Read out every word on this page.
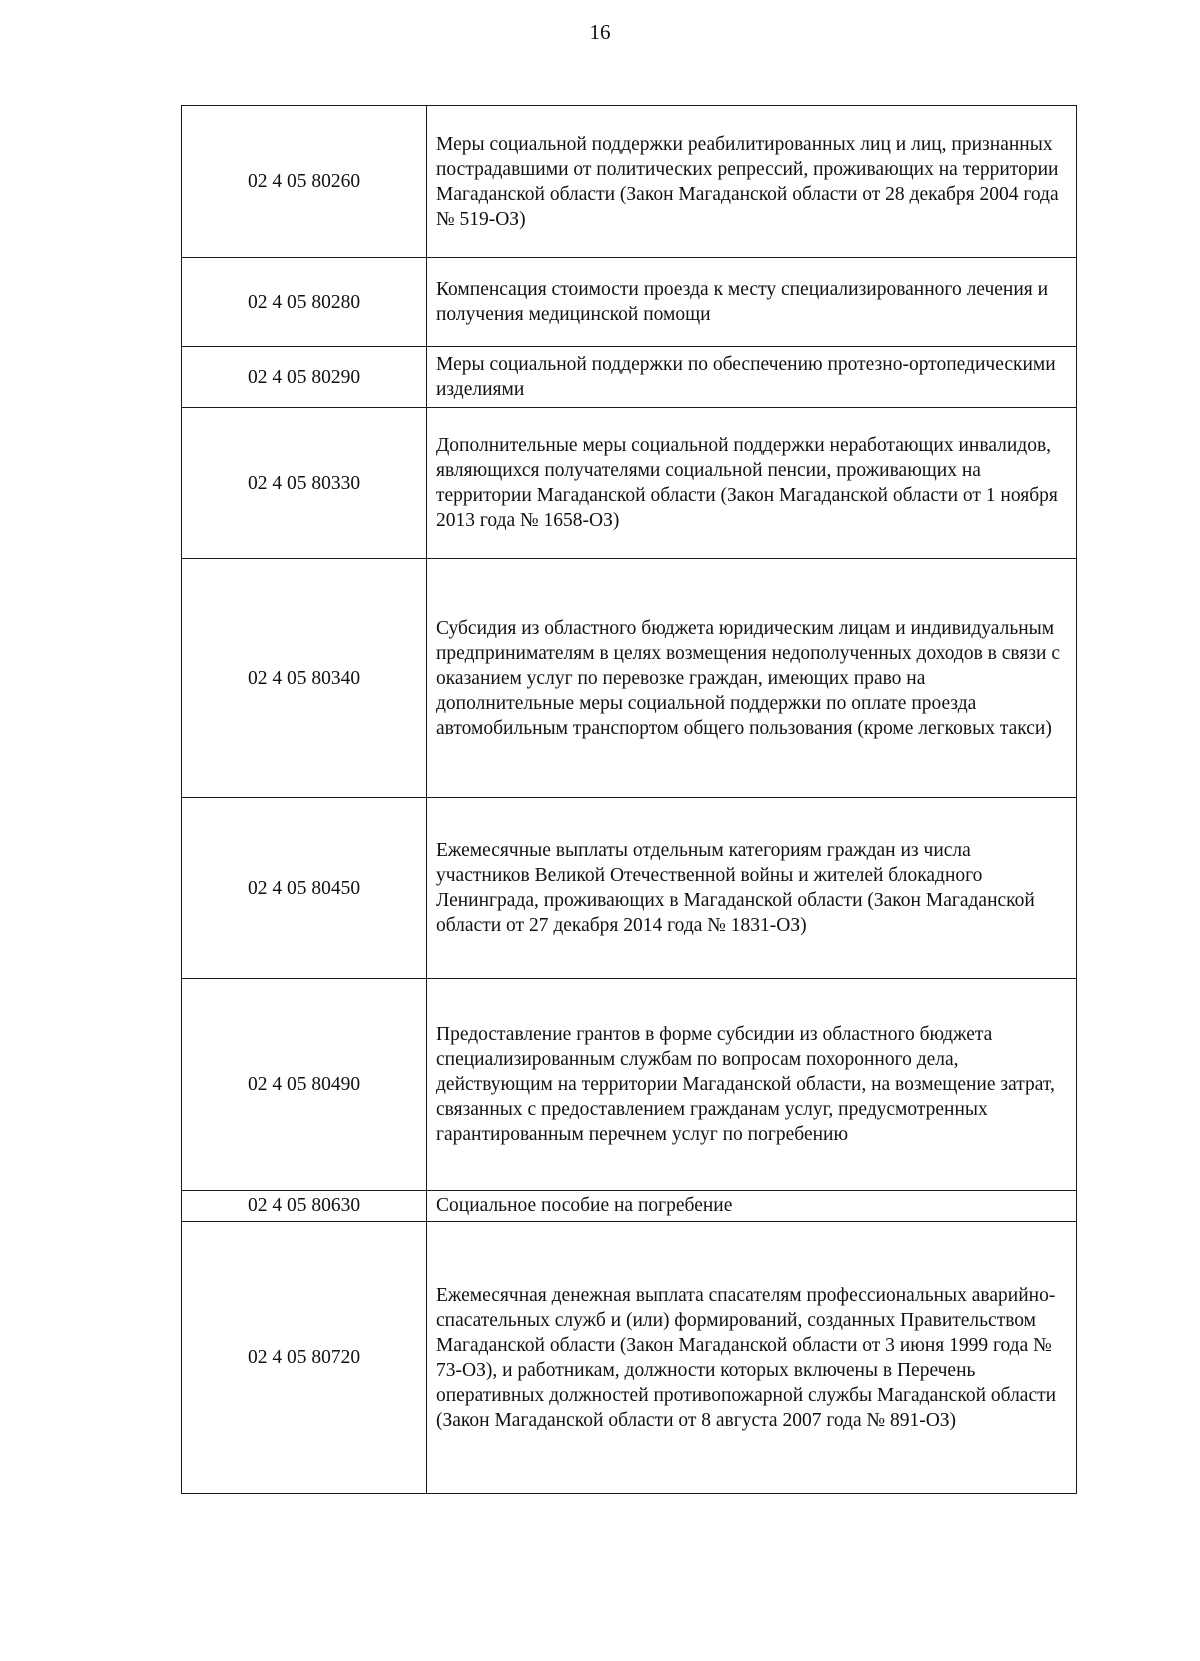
16
02 4 05 80260	Меры социальной поддержки реабилитированных лиц и лиц, признанных пострадавшими от политических репрессий, проживающих на территории Магаданской области (Закон Магаданской области от 28 декабря 2004 года № 519-ОЗ)
02 4 05 80280	Компенсация стоимости проезда к месту специализированного лечения и получения медицинской помощи
02 4 05 80290	Меры социальной поддержки по обеспечению протезно-ортопедическими изделиями
02 4 05 80330	Дополнительные меры социальной поддержки неработающих инвалидов, являющихся получателями социальной пенсии, проживающих на территории Магаданской области (Закон Магаданской области от 1 ноября 2013 года № 1658-ОЗ)
02 4 05 80340	Субсидия из областного бюджета юридическим лицам и индивидуальным предпринимателям в целях возмещения недополученных доходов в связи с оказанием услуг по перевозке граждан, имеющих право на дополнительные меры социальной поддержки по оплате проезда автомобильным транспортом общего пользования (кроме легковых такси)
02 4 05 80450	Ежемесячные выплаты отдельным категориям граждан из числа участников Великой Отечественной войны и жителей блокадного Ленинграда, проживающих в Магаданской области (Закон Магаданской области от 27 декабря 2014 года № 1831-ОЗ)
02 4 05 80490	Предоставление грантов в форме субсидии из областного бюджета специализированным службам по вопросам похоронного дела, действующим на территории Магаданской области, на возмещение затрат, связанных с предоставлением гражданам услуг, предусмотренных гарантированным перечнем услуг по погребению
02 4 05 80630	Социальное пособие на погребение
02 4 05 80720	Ежемесячная денежная выплата спасателям профессиональных аварийно-спасательных служб и (или) формирований, созданных Правительством Магаданской области (Закон Магаданской области от 3 июня 1999 года № 73-ОЗ), и работникам, должности которых включены в Перечень оперативных должностей противопожарной службы Магаданской области (Закон Магаданской области от 8 августа 2007 года № 891-ОЗ)
